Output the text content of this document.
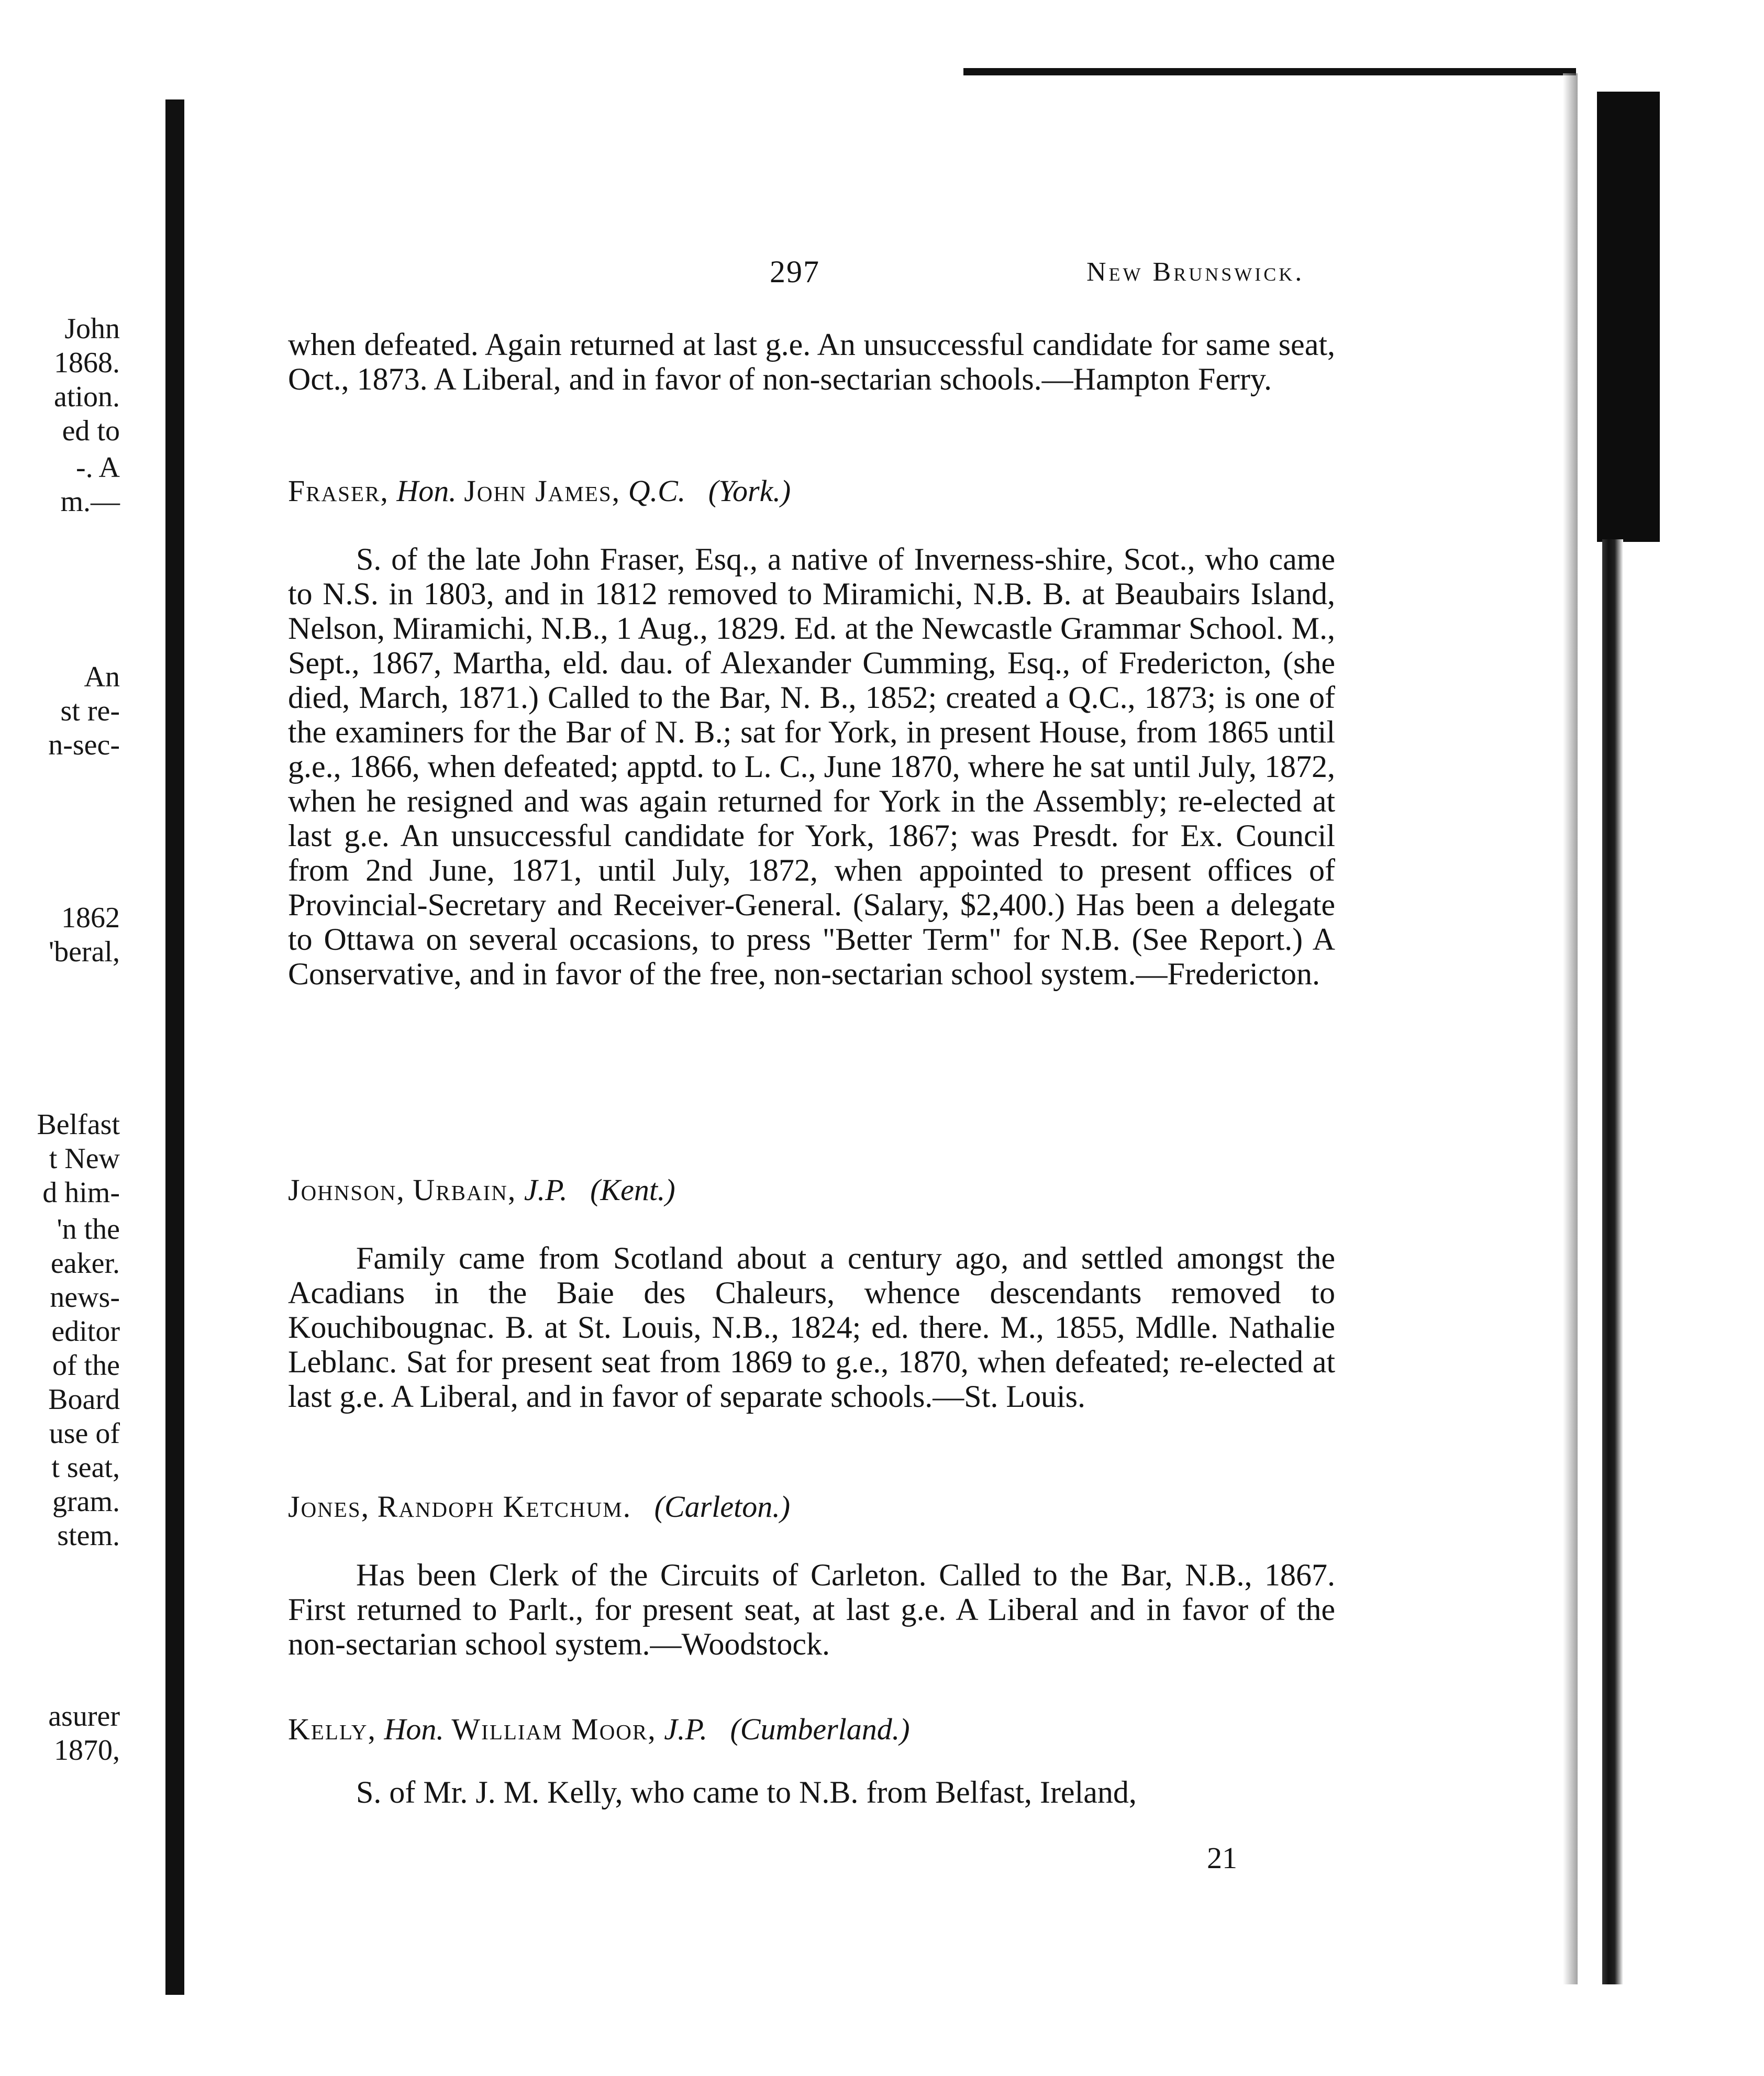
John
1868.
ation.
ed to
-. A
m.—
An
st re-
n-sec-
1862
'beral,
Belfast
t New
d him-
'n the
eaker.
news-
editor
of the
Board
use of
t seat,
gram.
stem.
asurer
1870,
297	New Brunswick.

when defeated. Again returned at last g.e. An unsuccessful candidate for same seat, Oct., 1873. A Liberal, and in favor of non-sectarian schools.—Hampton Ferry.

Fraser, Hon. John James, Q.C. (York.)

S. of the late John Fraser, Esq., a native of Inverness-shire, Scot., who came to N.S. in 1803, and in 1812 removed to Miramichi, N.B. B. at Beaubairs Island, Nelson, Miramichi, N.B., 1 Aug., 1829. Ed. at the Newcastle Grammar School. M., Sept., 1867, Martha, eld. dau. of Alexander Cumming, Esq., of Fredericton, (she died, March, 1871.) Called to the Bar, N. B., 1852; created a Q.C., 1873; is one of the examiners for the Bar of N. B.; sat for York, in present House, from 1865 until g.e., 1866, when defeated; apptd. to L. C., June 1870, where he sat until July, 1872, when he resigned and was again returned for York in the Assembly; re-elected at last g.e. An unsuccessful candidate for York, 1867; was Presdt. for Ex. Council from 2nd June, 1871, until July, 1872, when appointed to present offices of Provincial-Secretary and Receiver-General. (Salary, $2,400.) Has been a delegate to Ottawa on several occasions, to press "Better Term" for N.B. (See Report.) A Conservative, and in favor of the free, non-sectarian school system.—Fredericton.

Johnson, Urbain, J.P. (Kent.)

Family came from Scotland about a century ago, and settled amongst the Acadians in the Baie des Chaleurs, whence descendants removed to Kouchibougnac. B. at St. Louis, N.B., 1824; ed. there. M., 1855, Mdlle. Nathalie Leblanc. Sat for present seat from 1869 to g.e., 1870, when defeated; re-elected at last g.e. A Liberal, and in favor of separate schools.—St. Louis.

Jones, Randoph Ketchum. (Carleton.)

Has been Clerk of the Circuits of Carleton. Called to the Bar, N.B., 1867. First returned to Parlt., for present seat, at last g.e. A Liberal and in favor of the non-sectarian school system.—Woodstock.

Kelly, Hon. William Moor, J.P. (Cumberland.)

S. of Mr. J. M. Kelly, who came to N.B. from Belfast, Ireland,

21
